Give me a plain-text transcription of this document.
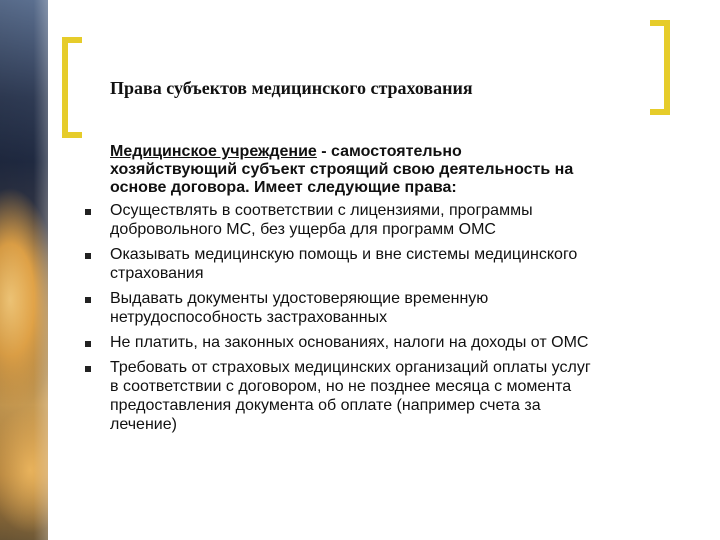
Права субъектов медицинского страхования
Медицинское учреждение - самостоятельно
хозяйствующий субъект строящий свою деятельность на
основе договора. Имеет следующие права:
Осуществлять в соответствии с лицензиями, программы
добровольного МС, без ущерба для программ ОМС
Оказывать медицинскую помощь и вне системы медицинского
страхования
Выдавать документы удостоверяющие временную
нетрудоспособность застрахованных
Не платить, на законных основаниях, налоги на доходы от ОМС
Требовать от страховых медицинских организаций оплаты услуг
в соответствии с договором, но не позднее месяца с момента
предоставления документа об оплате (например счета за
лечение)
